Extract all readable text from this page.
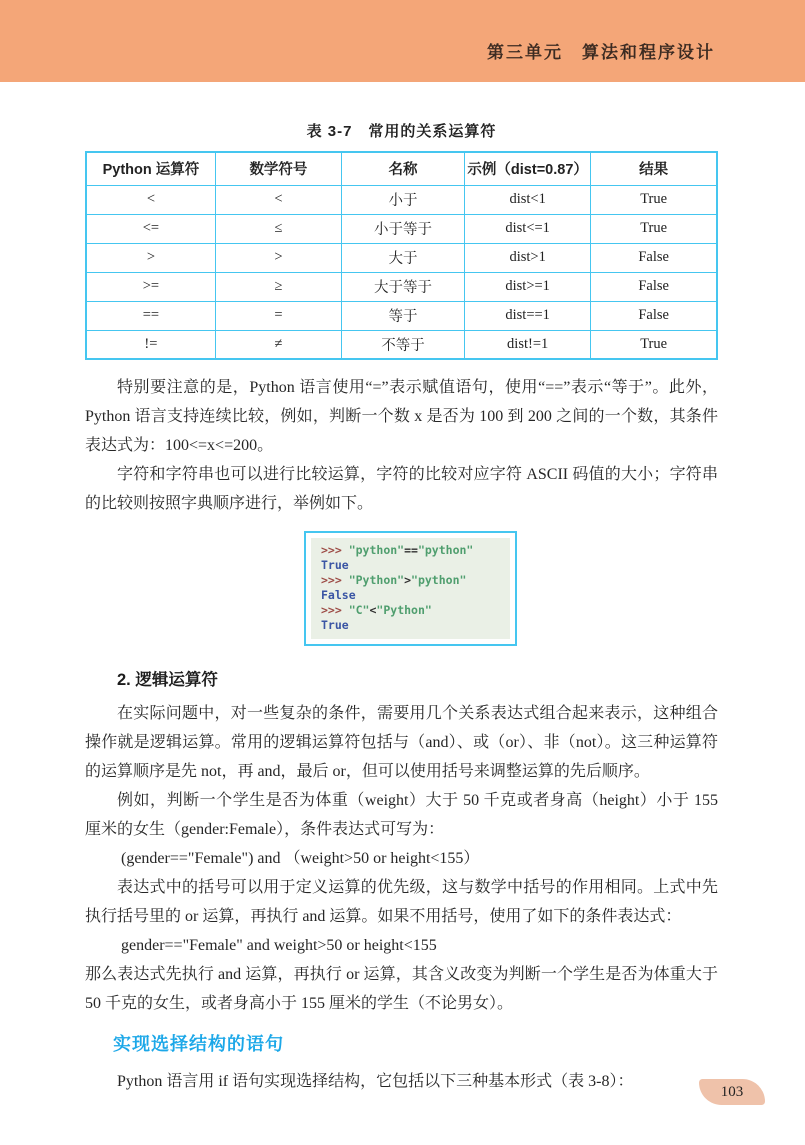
第三单元　算法和程序设计
表 3-7　常用的关系运算符
Python 运算符	数学符号	名称	示例（dist=0.87）	结果
<	<	小于	dist<1	True
<=	≤	小于等于	dist<=1	True
>	>	大于	dist>1	False
>=	≥	大于等于	dist>=1	False
==	=	等于	dist==1	False
!=	≠	不等于	dist!=1	True

特别要注意的是，Python 语言使用“=”表示赋值语句，使用“==”表示“等于”。此外，Python 语言支持连续比较，例如，判断一个数 x 是否为 100 到 200 之间的一个数，其条件表达式为：100<=x<=200。

字符和字符串也可以进行比较运算，字符的比较对应字符 ASCII 码值的大小；字符串的比较则按照字典顺序进行，举例如下。

>>> "python"=="python"
True
>>> "Python">"python"
False
>>> "C"<"Python"
True
2. 逻辑运算符

在实际问题中，对一些复杂的条件，需要用几个关系表达式组合起来表示，这种组合操作就是逻辑运算。常用的逻辑运算符包括与（and）、或（or）、非（not）。这三种运算符的运算顺序是先 not，再 and，最后 or，但可以使用括号来调整运算的先后顺序。

例如，判断一个学生是否为体重（weight）大于 50 千克或者身高（height）小于 155 厘米的女生（gender:Female），条件表达式可写为：

(gender=="Female") and （weight>50 or height<155）

表达式中的括号可以用于定义运算的优先级，这与数学中括号的作用相同。上式中先执行括号里的 or 运算，再执行 and 运算。如果不用括号，使用了如下的条件表达式：

gender=="Female" and weight>50 or height<155

那么表达式先执行 and 运算，再执行 or 运算，其含义改变为判断一个学生是否为体重大于 50 千克的女生，或者身高小于 155 厘米的学生（不论男女）。

实现选择结构的语句

Python 语言用 if 语句实现选择结构，它包括以下三种基本形式（表 3-8）：

103
